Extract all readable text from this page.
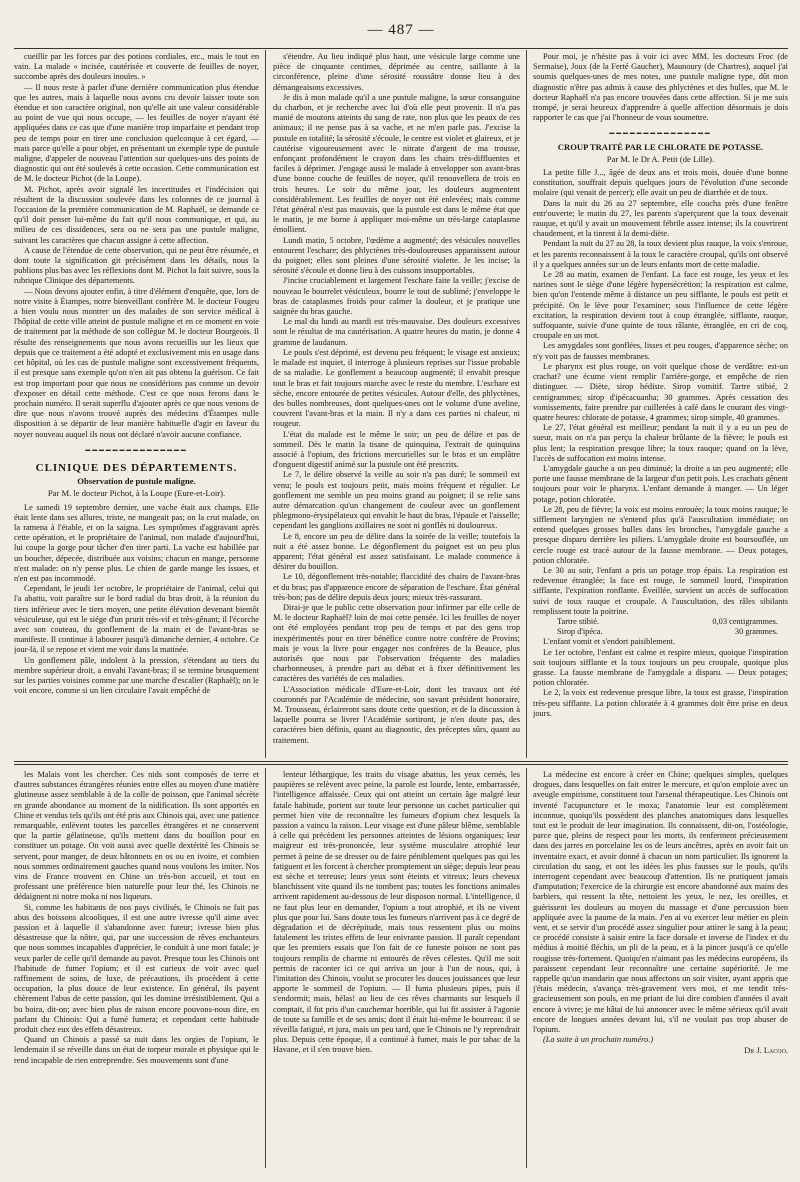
— 487 —

cueillir par les forces par des potions cordiales, etc., mais le tout en vain. La malade « incisée, cautérisée et couverte de feuilles de noyer, succombe après des douleurs inouïes. »

— Il nous reste à parler d'une dernière communication plus étendue que les autres, mais à laquelle nous avons cru devoir laisser toute son étendue et son caractère original, non qu'elle ait une valeur considérable au point de vue qui nous occupe, — les feuilles de noyer n'ayant été appliquées dans ce cas que d'une manière trop imparfaite et pendant trop peu de temps pour en tirer une conclusion quelconque à cet égard, — mais parce qu'elle a pour objet, en présentant un exemple type de pustule maligne, d'appeler de nouveau l'attention sur quelques-uns des points de diagnostic qui ont été soulevés à cette occasion. Cette communication est de M. le docteur Pichot (de la Loupe).

M. Pichot, après avoir signalé les incertitudes et l'indécision qui résultent de la discussion soulevée dans les colonnes de ce journal à l'occasion de la première communication de M. Raphaël, se demande ce qu'il doit penser lui-même du fait qu'il nous communique, et qui, au milieu de ces dissidences, sera ou ne sera pas une pustule maligne, suivant les caractères que chacun assigne à cette affection.

A cause de l'étendue de cette observation, qui ne peut être résumée, et dont toute la signification git précisément dans les détails, nous la publions plus bas avec les réflexions dont M. Pichot la fait suivre, sous la rubrique Clinique des départements.

— Nous devons ajouter enfin, à titre d'élément d'enquête, que, lors de notre visite à Étampes, notre bienveillant confrère M. le docteur Fougeu a bien voulu nous montrer un des malades de son service médical à l'hôpital de cette ville atteint de pustule maligne et en ce moment en voie de traitement par la méthode de son collègue M. le docteur Bourgeois. Il résulte des renseignements que nous avons recueillis sur les lieux que depuis que ce traitement a été adopté et exclusivement mis en usage dans cet hôpital, où les cas de pustule maligne sont excessivement fréquents, il est presque sans exemple qu'on n'en ait pas obtenu la guérison. Ce fait est trop important pour que nous ne considérions pas comme un devoir d'exposer en détail cette méthode. C'est ce que nous ferons dans le prochain numéro. Il serait superflu d'ajouter après ce que nous venons de dire que nous n'avons trouvé auprès des médecins d'Étampes nulle disposition à se départir de leur manière habituelle d'agir en faveur du noyer nouveau auquel ils nous ont déclaré n'avoir aucune confiance.

━━━━━━━━━━━━━━━
CLINIQUE DES DÉPARTEMENTS.
Observation de pustule maligne.
Par M. le docteur Pichot, à la Loupe (Eure-et-Loir).

Le samedi 19 septembre dernier, une vache était aux champs. Elle était lente dans ses allures, triste, ne mangeait pas; on la crut malade, on la ramena à l'étable, et on la saigna. Les symptômes d'aggravant après cette opération, et le propriétaire de l'animal, non malade d'aujourd'hui, lui coupe la gorge pour tâcher d'en tirer parti. La vache est habillée par un boucher, dépecée, distribuée aux voisins; chacun en mange, personne n'est malade: on n'y pense plus. Le chien de garde mange les issues, et n'en est pas incommodé.

Cependant, le jeudi 1er octobre, le propriétaire de l'animal, celui qui l'a abattu, voit paraître sur le bord radial du bras droit, à la réunion du tiers inférieur avec le tiers moyen, une petite élévation devenant bientôt vésiculeuse, qui est le siége d'un prurit très-vif et très-gênant; il l'écorche avec son couteau, du gonflement de la main et de l'avant-bras se manifeste. Il continue à labourer jusqu'à dimanche dernier, 4 octobre. Ce jour-là, il se repose et vient me voir dans la matinée.

Un gonflement pâle, indolent à la pression, s'étendant au tiers du membre supérieur droit, a envahi l'avant-bras; il se termine brusquement sur les parties voisines comme par une marche d'escalier (Raphaël); on le voit encore, comme si un lien circulaire l'avait empêché de

s'étendre. Au lieu indiqué plus haut, une vésicule large comme une pièce de cinquante centimes, déprimée au centre, saillante à la circonférence, pleine d'une sérosité roussâtre donne lieu à des démangeaisons excessives.

Je dis à mon malade qu'il a une pustule maligne, la sœur consanguine du charbon, et je recherche avec lui d'où elle peut provenir. Il n'a pas manié de moutons atteints du sang de rate, non plus que les peaux de ces animaux; il ne pense pas à sa vache, et ne m'en parle pas. J'excise la pustule en totalité; la sérosité s'écoule, le centre est violet et glaireux, et je cautérise vigoureusement avec le nitrate d'argent de ma trousse, enfonçant profondément le crayon dans les chairs très-diffluentes et faciles à déprimer. J'engage aussi le malade à envelopper son avant-bras d'une bonne couche de feuilles de noyer, qu'il renouvellera de trois en trois heures. Le soir du même jour, les douleurs augmentent considérablement. Les feuilles de noyer ont été enlevées; mais comme l'état général n'est pas mauvais, que la pustule est dans le même état que le matin, je me borne à appliquer moi-même un très-large cataplasme émollient.

Lundi matin, 5 octobre, l'œdème a augmenté; des vésicules nouvelles entourent l'eschare; des phlyctènes très-douloureuses apparaissent autour du poignet; elles sont pleines d'une sérosité violette. Je les incise; la sérosité s'écoule et donne lieu à des cuissons insupportables.

J'incise cruciablement et largement l'eschare faite la veille; j'excise de nouveau le bourrelet vésiculeux, bourre le tout de sublimé; j'enveloppe le bras de cataplasmes froids pour calmer la douleur, et je pratique une saignée du bras gauche.

Le mal du lundi au mardi est très-mauvaise. Des douleurs excessives sont le résultat de ma cautérisation. A quatre heures du matin, je donne 4 gramme de laudanum.

Le pouls s'est déprimé, est devenu peu fréquent; le visage est anxieux; le malade est inquiet, il interroge à plusieurs reprises sur l'issue probable de sa maladie. Le gonflement a beaucoup augmenté; il envahit presque tout le bras et fait toujours marche avec le reste du membre. L'eschare est sèche, encore entourée de petites vésicules. Autour d'elle, des phlyctènes, des bulles nombreuses, dont quelques-unes ont le volume d'une aveline, couvrent l'avant-bras et la main. Il n'y a dans ces parties ni chaleur, ni rougeur.

L'état du malade est le même le soir; un peu de délire et pas de sommeil. Dès le matin la tisane de quinquina, l'extrait de quinquina associé à l'opium, des frictions mercurielles sur le bras et un emplâtre d'onguent digestif animé sur la pustule ont été prescrits.

Le 7, le délire observé la veille au soir n'a pas duré; le sommeil est venu; le pouls est toujours petit, mais moins fréquent et régulier. Le gonflement me semble un peu moins grand au poignet; il se relie sans autre démarcation qu'un changement de couleur avec un gonflement phlegmono-érysipélateux qui envahit le haut du bras, l'épaule et l'aisselle; cependant les ganglions axillaires ne sont ni gonflés ni douloureux.

Le 8, encore un peu de délire dans la soirée de la veille; toutefois la nuit a été assez bonne. Le dégonflement du poignet est un peu plus apparent; l'état général est assez satisfaisant. Le malade commence à désirer du bouillon.

Le 10, dégonflement très-notable; flaccidité des chairs de l'avant-bras et du bras; pas d'apparence encore de séparation de l'eschare. État général très-bon; pas de délire depuis deux jours; mieux très-rassurant.

Dirai-je que le public cette observation pour infirmer par elle celle de M. le docteur Raphaël? loin de moi cette pensée. Ici les feuilles de noyer ont été employées pendant trop peu de temps et par des gens trop inexpérimentés pour en tirer bénéfice contre notre confrère de Provins; mais je vous la livre pour engager nos confrères de la Beauce, plus autorisés que nous par l'observation fréquente des maladies charbonneuses, à prendre part au débat et à fixer définitivement les caractères des variétés de ces maladies.

L'Association médicale d'Eure-et-Loir, dont les travaux ont été couronnés par l'Académie de médecine, son savant président honoraire, M. Trousseau, éclaireront sans doute cette question, et de la discussion à laquelle pourra se livrer l'Académie sortiront, je n'en doute pas, des caractères bien définis, quant au diagnostic, des préceptes sûrs, quant au traitement.

Pour moi, je n'hésite pas à voir ici avec MM. les docteurs Froc (de Sermaise), Joux (de la Ferté Gaucher), Maunoury (de Chartres), auquel j'ai soumis quelques-unes de mes notes, une pustule maligne type, dût mon diagnostic n'être pas admis à cause des phlyctènes et des bulles, que M. le docteur Raphaël n'a pas encore trouvées dans cette affection. Si je me suis trompé, je serai heureux d'apprendre à quelle affection désormais je dois rapporter le cas que j'ai l'honneur de vous soumettre.

━━━━━━━━━━━━━━━
CROUP TRAITÉ PAR LE CHLORATE DE POTASSE.
Par M. le Dr A. Petit (de Lille).

La petite fille J..., âgée de deux ans et trois mois, douée d'une bonne constitution, souffrait depuis quelques jours de l'évolution d'une seconde molaire (qui venait de percer); elle avait un peu de diarrhée et de toux.

Dans la nuit du 26 au 27 septembre, elle coucha près d'une fenêtre entr'ouverte; le matin du 27, les parents s'aperçurent que la toux devenait rauque, et qu'il y avait un mouvement fébrile assez intense; ils la couvrirent chaudement, et la tinrent à la demi-diète.

Pendant la nuit du 27 au 28, la toux devient plus rauque, la voix s'enroue, et les parents reconnaissent à la toux le caractère croupal, qu'ils ont observé il y a quelques années sur un de leurs enfants mort de cette maladie.

Le 28 au matin, examen de l'enfant. La face est rouge, les yeux et les narines sont le siège d'une légère hypersécrétion; la respiration est calme, bien qu'on l'entende même à distance un peu sifflante, le pouls est petit et précipité. On le lève pour l'examiner; sous l'influence de cette légère excitation, la respiration devient tout à coup étranglée, sifflante, rauque, suffoquante, suivie d'une quinte de toux râlante, étranglée, en cri de coq, croupale en un mot.

Les amygdales sont gonflées, lisses et peu rouges, d'apparence sèche; on n'y voit pas de fausses membranes.

Le pharynx est plus rouge, on voit quelque chose de verdâtre: est-un crachat? une écume vient remplir l'arrière-gorge, et empêche de rien distinguer. — Diète, sirop hédiste. Sirop vomitif. Tartre stibié, 2 centigrammes; sirop d'ipécacuanha; 30 grammes. Après cessation des vomissements, faire prendre par cuillerées à café dans le courant des vingt-quatre heures: chlorate de potasse, 4 grammes; sirop simple, 40 grammes.

Le 27, l'état général est meilleur; pendant la nuit il y a eu un peu de sueur, mais on n'a pas perçu la chaleur brûlante de la fièvre; le pouls est plus lent; la respiration presque libre; la toux rauque; quand on la lève, l'accès de suffocation est moins intense.

L'amygdale gauche a un peu diminué; la droite a un peu augmenté; elle porte une fausse membrane de la largeur d'un petit pois. Les crachats gênent toujours pour voir le pharynx. L'enfant demande à manger. — Un léger potage, potion chloratée.

Le 28, peu de fièvre; la voix est moins enrouée; la toux moins rauque; le sifflement laryngien ne s'entend plus qu'à l'auscultation immédiate; on entend quelques grosses bulles dans les bronches, l'amygdale gauche a presque disparu derrière les piliers. L'amygdale droite est boursouflée, un cercle rouge est tracé autour de la fausse membrane. — Deux potages, potion chloratée.

Le 30 au soir, l'enfant a pris un potage trop épais. La respiration est redevenue étranglée; la face est rouge, le sommeil lourd, l'inspiration sifflante, l'expiration ronflante. Éveillée, survient un accès de suffocation suivi de toux rauque et croupale. A l'auscultation, des râles sibilants remplissent toute la poitrine.

Tartre stibié.	0,03 centigrammes.
Sirop d'ipéca.	30 grammes.

L'enfant vomit et s'endort paisiblement.

Le 1er octobre, l'enfant est calme et respire mieux, quoique l'inspiration soit toujours sifflante et la toux toujours un peu croupale, quoique plus grasse. La fausse membrane de l'amygdale a disparu. — Deux potages; potion chloratée.

Le 2, la voix est redevenue presque libre, la toux est grasse, l'inspiration très-peu sifflante. La potion chloratée à 4 grammes doit être prise en deux jours.

les Malais vont les chercher. Ces nids sont composés de terre et d'autres substances étrangères réunies entre elles au moyen d'une matière glutineuse assez semblable à de la colle de poisson, que l'animal sécrète en grande abondance au moment de la nidification. Ils sont apportés en Chine et vendus tels qu'ils ont été pris aux Chinois qui, avec une patience remarquable, enlèvent toutes les parcelles étrangères et ne conservent que la partie gélatineuse, qu'ils mettent dans du bouillon pour en constituer un potage. On voit aussi avec quelle dextérité les Chinois se servent, pour manger, de deux bâtonnets en os ou en ivoire, et combien nous sommes ordinairement gauches quand nous voulons les imiter. Nos vins de France trouvent en Chine un très-bon accueil, et tout en professant une préférence bien naturelle pour leur thé, les Chinois ne dédaignent ni notre moka ni nos liqueurs.

Si, comme les habitants de nos pays civilisés, le Chinois ne fait pas abus des boissons alcooliques, il est une autre ivresse qu'il aime avec passion et à laquelle il s'abandonne avec fureur; ivresse bien plus désastreuse que la nôtre, qui, par une succession de rêves enchanteurs que nous sommes incapables d'apprécier, le conduit à une mort fatale; je veux parler de celle qu'il demande au pavot. Presque tous les Chinois ont l'habitude de fumer l'opium; et il est curieux de voir avec quel raffinement de soins, de luxe, de précautions, ils procèdent à cette occupation, la plus douce de leur existence. En général, ils payent chèrement l'abus de cette passion, qui les domine irrésistiblement. Qui a bu boira, dit-on; avec bien plus de raison encore pouvons-nous dire, en parlant du Chinois: Qui a fumé fumera; et cependant cette habitude produit chez eux des effets désastreux.

Quand un Chinois a passé sa nuit dans les orgies de l'opium, le lendemain il se réveille dans un état de torpeur morale et physique qui le rend incapable de rien entreprendre. Ses mouvements sont d'une

lenteur léthargique, les traits du visage abattus, les yeux cernés, les paupières se relèvent avec peine, la parole est lourde, lente, embarrassée, l'intelligence affaissée. Ceux qui ont atteint un certain âge malgré leur fatale habitude, portent sur toute leur personne un cachet particulier qui permet bien vite de reconnaître les fumeurs d'opium chez lesquels la passion a vaincu la raison. Leur visage est d'une pâleur blême, semblable à celle qui précèdent les personnes atteintes de lésions organiques; leur maigreur est très-prononcée, leur système musculaire atrophié leur permet à peine de se dresser ou de faire péniblement quelques pas qui les fatiguent et les forcent à chercher promptement un siège; depuis leur peau est sèche et terreuse; leurs yeux sont éteints et vitreux; leurs cheveux blanchissent vite quand ils ne tombent pas; toutes les fonctions animales arrivent rapidement au-dessous de leur disposon normal. L'intelligence, il ne faut plus leur en demander, l'opium a tout atrophié, et ils ne vivent plus que pour lui. Sans doute tous les fumeurs n'arrivent pas à ce degré de dégradation et de décrépitude, mais tous ressentent plus ou moins fatalement les tristes effets de leur enivrante passion. Il paraît cependant que les premiers essais que l'on fait de ce funeste poison ne sont pas toujours remplis de charme ni entourés de rêves célestes. Qu'il me soit permis de raconter ici ce qui arriva un jour à l'un de nous, qui, à l'imitation des Chinois, voulut se procurer les douces jouissances que leur apporte le sommeil de l'opium. — Il fuma plusieurs pipes, puis il s'endormit; mais, hélas! au lieu de ces rêves charmants sur lesquels il comptait, il fut pris d'un cauchemar horrible, qui lui fit assister à l'agonie de toute sa famille et de ses amis; dont il était lui-même le bourreau: il se réveilla fatigué, et jura, mais un peu tard, que le Chinois ne l'y reprendrait plus. Depuis cette époque, il a continué à fumer, mais le pur tabac de la Havane, et il s'en trouve bien.

La médecine est encore à créer en Chine; quelques simples, quelques drogues, dans lesquelles on fait entrer le mercure, et qu'on emploie avec un aveugle empirisme, constituent tout l'arsenal thérapeutique. Les Chinois ont inventé l'acupuncture et le moxa; l'anatomie leur est complètement inconnue, quoiqu'ils possèdent des planches anatomiques dans lesquelles tout est le produit de leur imagination. Ils connaissent, dit-on, l'ostéologie, parce que, pleins de respect pour les morts, ils renferment précieusement dans des jarres en porcelaine les os de leurs ancêtres, après en avoir fait un inventaire exact, et avoir donné à chacun un nom particulier. Ils ignorent la circulation du sang, et ont les idées les plus fausses sur le pouls, qu'ils interrogent cependant avec beaucoup d'attention. Ils ne pratiquent jamais d'amputation; l'exercice de la chirurgie est encore abandonné aux mains des barbiers, qui ressent la tête, nettoient les yeux, le nez, les oreilles, et guérissent les douleurs au moyen du massage et d'une percussion bien appliquée avec la paume de la main. J'en ai vu exercer leur métier en plein vent, et se servir d'un procédé assez singulier pour attirer le sang à la peau; ce procédé consiste à saisir entre la face dorsale et inverse de l'index et du médius à moitié fléchis, un pli de la peau, et à la pincer jusqu'à ce qu'elle rougisse très-fortement. Quoiqu'en n'aimant pas les médecins européens, ils paraissent cependant leur reconnaître une certaine supériorité. Je me rappelle qu'un mandarin que nous affectons un soir visiter, ayant appris que j'étais médecin, s'avança très-gravement vers moi, et me tendit très-gracieusement son pouls, en me priant de lui dire combien d'années il avait encore à vivre; je me hâtai de lui annoncer avec le même sérieux qu'il avait encore de longues années devant lui, s'il ne voulait pas trop abuser de l'opium.

(La suite à un prochain numéro.)

Dr J. Lacoo.
